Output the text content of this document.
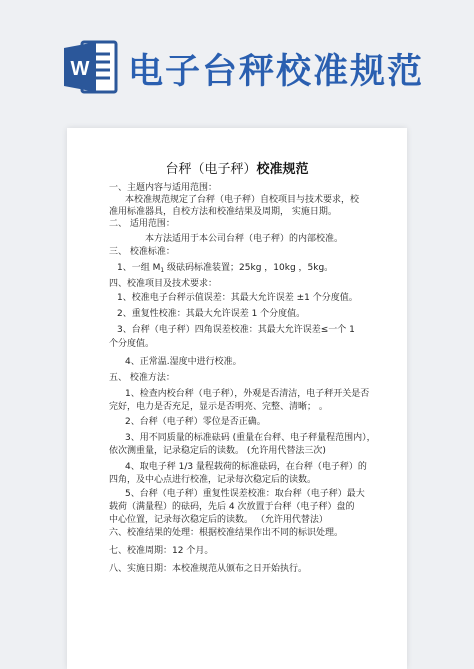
W 电子台秤校准规范
台秤（电子秤）校准规范
一、主题内容与适用范围：
本校准规范规定了台秤（电子秤）自校项目与技术要求，校
准用标准器具，自校方法和校准结果及周期， 实施日期。
二、 适用范围：
本方法适用于本公司台秤（电子秤）的内部校准。
三、 校准标准：
1、一组 $M_1$ 级砝码标准装置；25kg ，10kg ，5kg。
四、校准项目及技术要求：
1、校准电子台秤示值误差：其最大允许误差 ±1 个分度值。
2、重复性校准：其最大允许误差 1 个分度值。
3、台秤（电子秤）四角误差校准：其最大允许误差≤一个 1
个分度值。
4、正常温.湿度中进行校准。
五、 校准方法：
1、检查内校台秤（电子秤），外观是否清洁，电子秤开关是否
完好，电力是否充足，显示是否明亮、完整、清晰； 。
2、台秤（电子秤）零位是否正确。
3、用不同质量的标准砝码 (重量在台秤、电子秤量程范围内），
依次测重量，记录稳定后的读数。 (允许用代替法三次)
4、取电子秤 1/3 量程载荷的标准砝码，在台秤（电子秤）的
四角，及中心点进行校准，记录每次稳定后的读数。
5、台秤（电子秤）重复性误差校准：取台秤（电子秤）最大
载荷（满量程）的砝码，先后 4 次放置于台秤（电子秤）盘的
中心位置，记录每次稳定后的读数。 （允许用代替法）
六、校准结果的处理：根据校准结果作出不同的标识处理。
七、校准周期：12 个月。
八、实施日期：本校准规范从颁布之日开始执行。
